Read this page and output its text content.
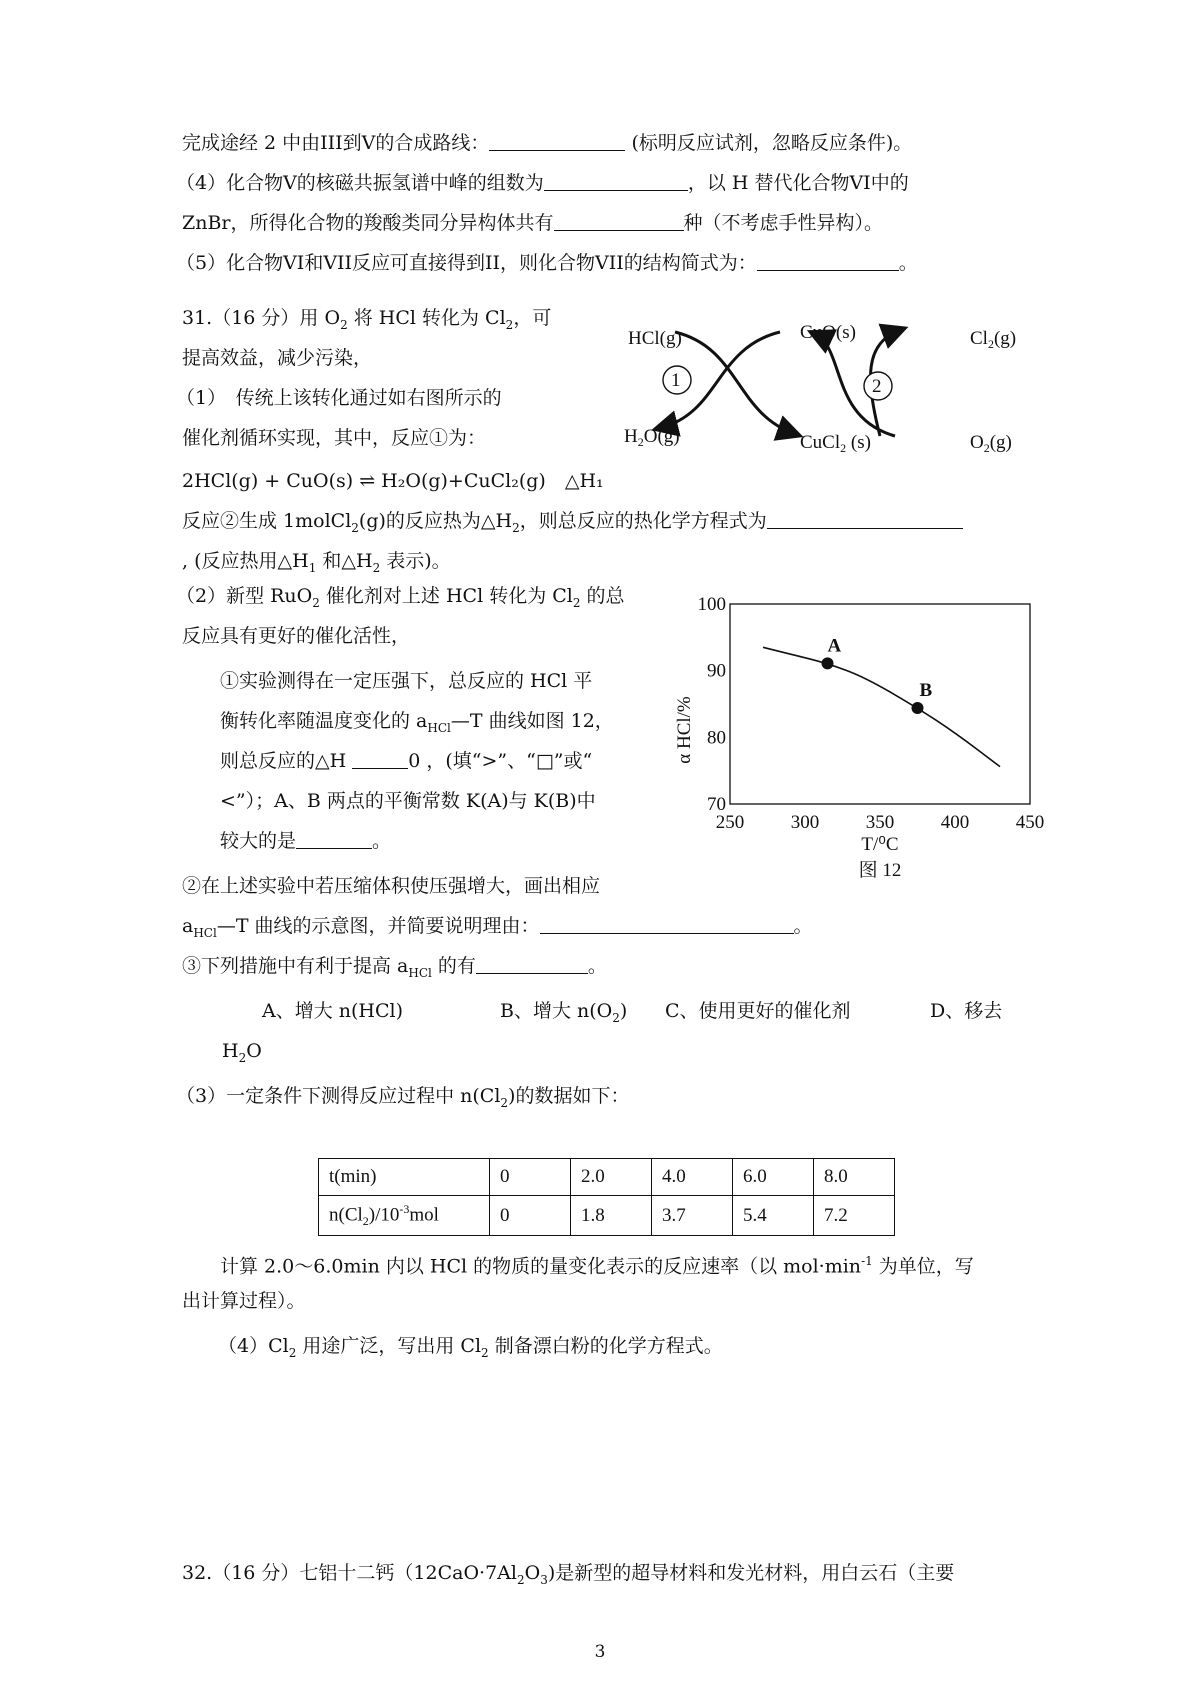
完成途经 2 中由III到V的合成路线：	(标明反应试剂，忽略反应条件)。
（4）化合物V的核磁共振氢谱中峰的组数为	，以 H 替代化合物VI中的
ZnBr，所得化合物的羧酸类同分异构体共有	种（不考虑手性异构）。
（5）化合物VI和VII反应可直接得到II，则化合物VII的结构简式为：	。
31.（16 分）用 $O_2$ 将 HCl 转化为 $Cl_2$，可
提高效益，减少污染，
（1）　传统上该转化通过如右图所示的
催化剂循环实现，其中，反应①为：
2HCl(g) + CuO(s) ⇌ H₂O(g)+CuCl₂(g)　△H₁
反应②生成 1molCl$_2$(g)的反应热为$\triangle H_2$，则总反应的热化学方程式为
, (反应热用$\triangle H_1$ 和$\triangle H_2$ 表示)。
HCl(g)	CuO(s)	$Cl_2(g)$
$H_2O(g)$	CuCl$_2$ (s)	$O_2(g)$
1	2
（2）新型 RuO$_2$ 催化剂对上述 HCl 转化为 $Cl_2$ 的总
反应具有更好的催化活性，
①实验测得在一定压强下，总反应的 HCl 平
衡转化率随温度变化的 $a_{HCl}—T$ 曲线如图 12，
则总反应的△H	0 ，(填“>”、“□”或“
<”）；A、B 两点的平衡常数 K(A)与 K(B)中
较大的是	。
②在上述实验中若压缩体积使压强增大，画出相应
$a_{HCl}—T$ 曲线的示意图，并简要说明理由：	。
③下列措施中有利于提高 $a_{HCl}$ 的有	。
A、增大 n(HCl)	B、增大 $n(O_2)$ C、使用更好的催化剂	D、移去
$H_2O$
250 300 350 400 450
70
80
90
100
A
B
α HCl/%
T/⁰C
图 12
（3）一定条件下测得反应过程中 $n(Cl_2)$的数据如下：
t(min)	0	2.0	4.0	6.0	8.0
$n(Cl_2)/10^{-3}mol$	0	1.8	3.7	5.4	7.2
计算 2.0～6.0min 内以 HCl 的物质的量变化表示的反应速率（以 $mol\cdot\min^{-1}$ 为单位，写
出计算过程）。
$(4)Cl_2$ 用途广泛，写出用 $Cl_2$ 制备漂白粉的化学方程式。
32.（16 分）七铝十二钙$(12CaO\cdot 7Al_2O_3)$是新型的超导材料和发光材料，用白云石（主要
3
